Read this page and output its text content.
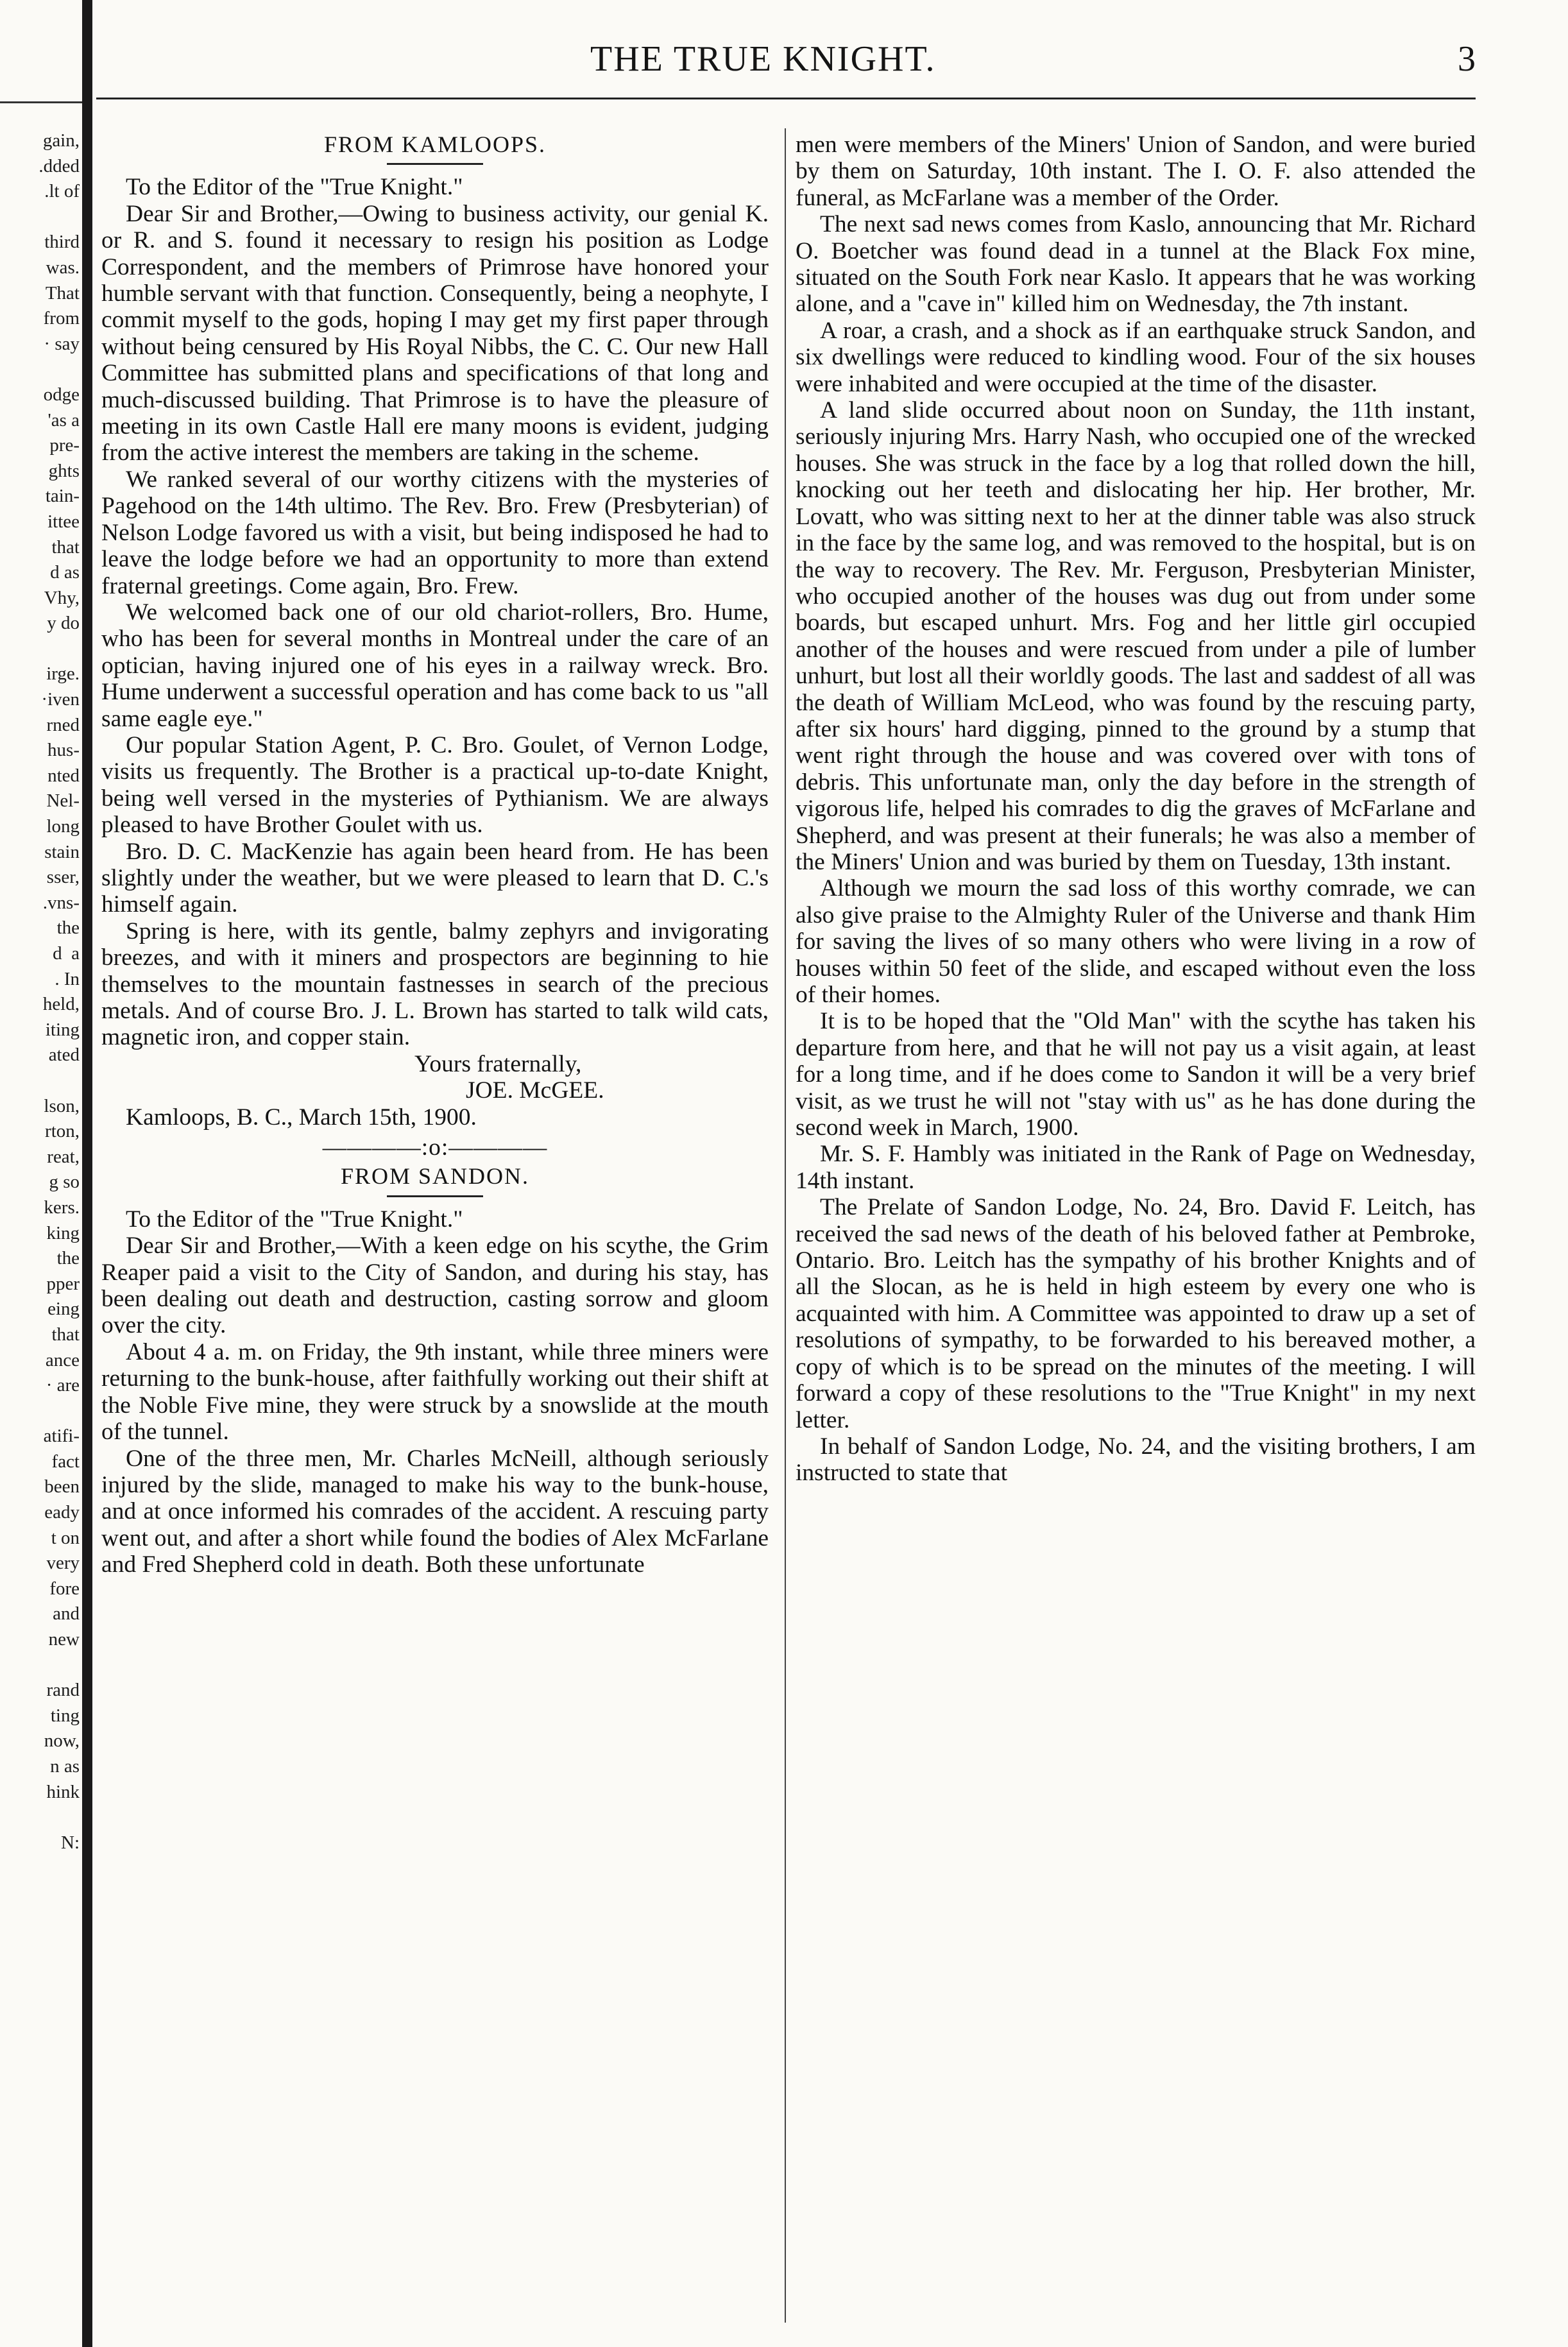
gain,
.dded
.lt of

third
was.
That
from
· say

odge
'as a
pre-
ghts
tain-
ittee
that
d as
Vhy,
y do

irge.
·iven
rned
hus-
nted
Nel-
long
stain
sser,
.vns-
the
d  a
. In
held,
iting
ated

lson,
rton,
reat,
g so
kers.
king
the
pper
eing
that
ance
· are

atifi-
fact
been
eady
t on
very
fore
and
new

rand
ting
now,
n as
hink

N:
THE TRUE KNIGHT.	3
FROM KAMLOOPS.

To the Editor of the "True Knight."

Dear Sir and Brother,—Owing to business activity, our genial K. or R. and S. found it necessary to resign his position as Lodge Correspondent, and the members of Primrose have honored your humble servant with that function. Consequently, being a neophyte, I commit myself to the gods, hoping I may get my first paper through without being censured by His Royal Nibbs, the C. C. Our new Hall Committee has submitted plans and specifications of that long and much-discussed building. That Primrose is to have the pleasure of meeting in its own Castle Hall ere many moons is evident, judging from the active interest the members are taking in the scheme.

We ranked several of our worthy citizens with the mysteries of Pagehood on the 14th ultimo. The Rev. Bro. Frew (Presbyterian) of Nelson Lodge favored us with a visit, but being indisposed he had to leave the lodge before we had an opportunity to more than extend fraternal greetings. Come again, Bro. Frew.

We welcomed back one of our old chariot-rollers, Bro. Hume, who has been for several months in Montreal under the care of an optician, having injured one of his eyes in a railway wreck. Bro. Hume underwent a successful operation and has come back to us "all same eagle eye."

Our popular Station Agent, P. C. Bro. Goulet, of Vernon Lodge, visits us frequently. The Brother is a practical up-to-date Knight, being well versed in the mysteries of Pythianism. We are always pleased to have Brother Goulet with us.

Bro. D. C. MacKenzie has again been heard from. He has been slightly under the weather, but we were pleased to learn that D. C.'s himself again.

Spring is here, with its gentle, balmy zephyrs and invigorating breezes, and with it miners and prospectors are beginning to hie themselves to the mountain fastnesses in search of the precious metals. And of course Bro. J. L. Brown has started to talk wild cats, magnetic iron, and copper stain.

Yours fraternally,

JOE. McGEE.

Kamloops, B. C., March 15th, 1900.

————:o:————
FROM SANDON.

To the Editor of the "True Knight."

Dear Sir and Brother,—With a keen edge on his scythe, the Grim Reaper paid a visit to the City of Sandon, and during his stay, has been dealing out death and destruction, casting sorrow and gloom over the city.

About 4 a. m. on Friday, the 9th instant, while three miners were returning to the bunk-house, after faithfully working out their shift at the Noble Five mine, they were struck by a snowslide at the mouth of the tunnel.

One of the three men, Mr. Charles McNeill, although seriously injured by the slide, managed to make his way to the bunk-house, and at once informed his comrades of the accident. A rescuing party went out, and after a short while found the bodies of Alex McFarlane and Fred Shepherd cold in death. Both these unfortunate

men were members of the Miners' Union of Sandon, and were buried by them on Saturday, 10th instant. The I. O. F. also attended the funeral, as McFarlane was a member of the Order.

The next sad news comes from Kaslo, announcing that Mr. Richard O. Boetcher was found dead in a tunnel at the Black Fox mine, situated on the South Fork near Kaslo. It appears that he was working alone, and a "cave in" killed him on Wednesday, the 7th instant.

A roar, a crash, and a shock as if an earthquake struck Sandon, and six dwellings were reduced to kindling wood. Four of the six houses were inhabited and were occupied at the time of the disaster.

A land slide occurred about noon on Sunday, the 11th instant, seriously injuring Mrs. Harry Nash, who occupied one of the wrecked houses. She was struck in the face by a log that rolled down the hill, knocking out her teeth and dislocating her hip. Her brother, Mr. Lovatt, who was sitting next to her at the dinner table was also struck in the face by the same log, and was removed to the hospital, but is on the way to recovery. The Rev. Mr. Ferguson, Presbyterian Minister, who occupied another of the houses was dug out from under some boards, but escaped unhurt. Mrs. Fog and her little girl occupied another of the houses and were rescued from under a pile of lumber unhurt, but lost all their worldly goods. The last and saddest of all was the death of William McLeod, who was found by the rescuing party, after six hours' hard digging, pinned to the ground by a stump that went right through the house and was covered over with tons of debris. This unfortunate man, only the day before in the strength of vigorous life, helped his comrades to dig the graves of McFarlane and Shepherd, and was present at their funerals; he was also a member of the Miners' Union and was buried by them on Tuesday, 13th instant.

Although we mourn the sad loss of this worthy comrade, we can also give praise to the Almighty Ruler of the Universe and thank Him for saving the lives of so many others who were living in a row of houses within 50 feet of the slide, and escaped without even the loss of their homes.

It is to be hoped that the "Old Man" with the scythe has taken his departure from here, and that he will not pay us a visit again, at least for a long time, and if he does come to Sandon it will be a very brief visit, as we trust he will not "stay with us" as he has done during the second week in March, 1900.

Mr. S. F. Hambly was initiated in the Rank of Page on Wednesday, 14th instant.

The Prelate of Sandon Lodge, No. 24, Bro. David F. Leitch, has received the sad news of the death of his beloved father at Pembroke, Ontario. Bro. Leitch has the sympathy of his brother Knights and of all the Slocan, as he is held in high esteem by every one who is acquainted with him. A Committee was appointed to draw up a set of resolutions of sympathy, to be forwarded to his bereaved mother, a copy of which is to be spread on the minutes of the meeting. I will forward a copy of these resolutions to the "True Knight" in my next letter.

In behalf of Sandon Lodge, No. 24, and the visiting brothers, I am instructed to state that
